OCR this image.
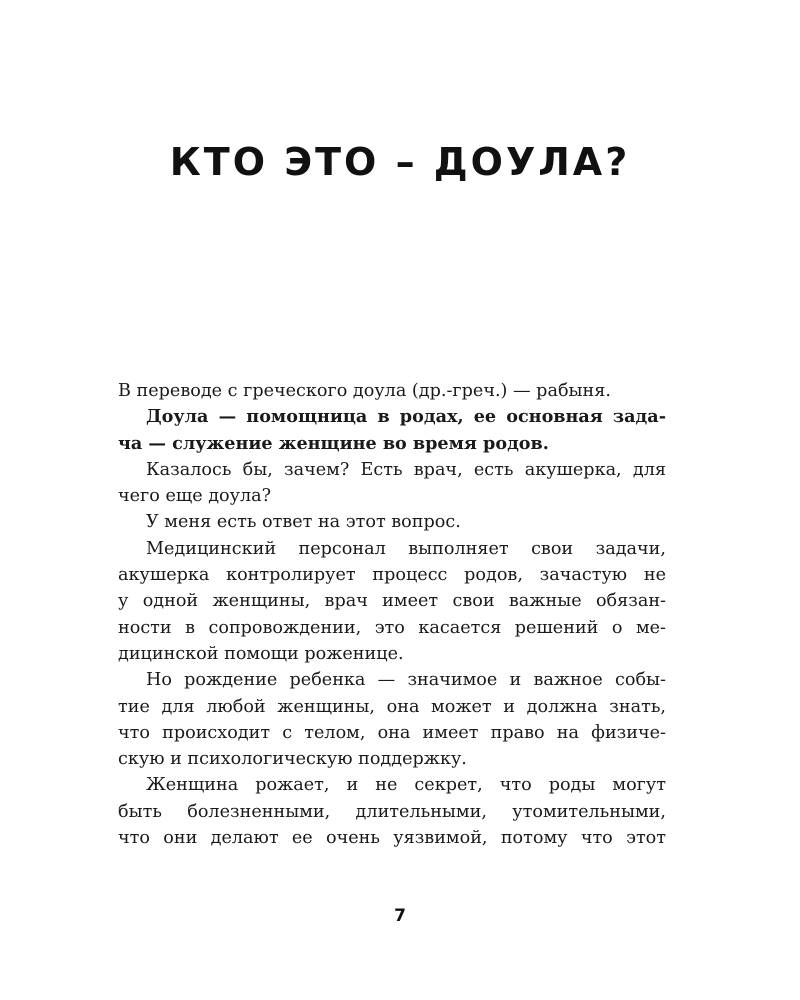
КТО ЭТО – ДОУЛА?
В переводе с греческого доула (др.-греч.) — рабыня.
Доула — помощница в родах, ее основная зада-
ча — служение женщине во время родов.
Казалось бы, зачем? Есть врач, есть акушерка, для
чего еще доула?
У меня есть ответ на этот вопрос.
Медицинский персонал выполняет свои задачи,
акушерка контролирует процесс родов, зачастую не
у одной женщины, врач имеет свои важные обязан-
ности в сопровождении, это касается решений о ме-
дицинской помощи роженице.
Но рождение ребенка — значимое и важное собы-
тие для любой женщины, она может и должна знать,
что происходит с телом, она имеет право на физиче-
скую и психологическую поддержку.
Женщина рожает, и не секрет, что роды могут
быть болезненными, длительными, утомительными,
что они делают ее очень уязвимой, потому что этот
7
